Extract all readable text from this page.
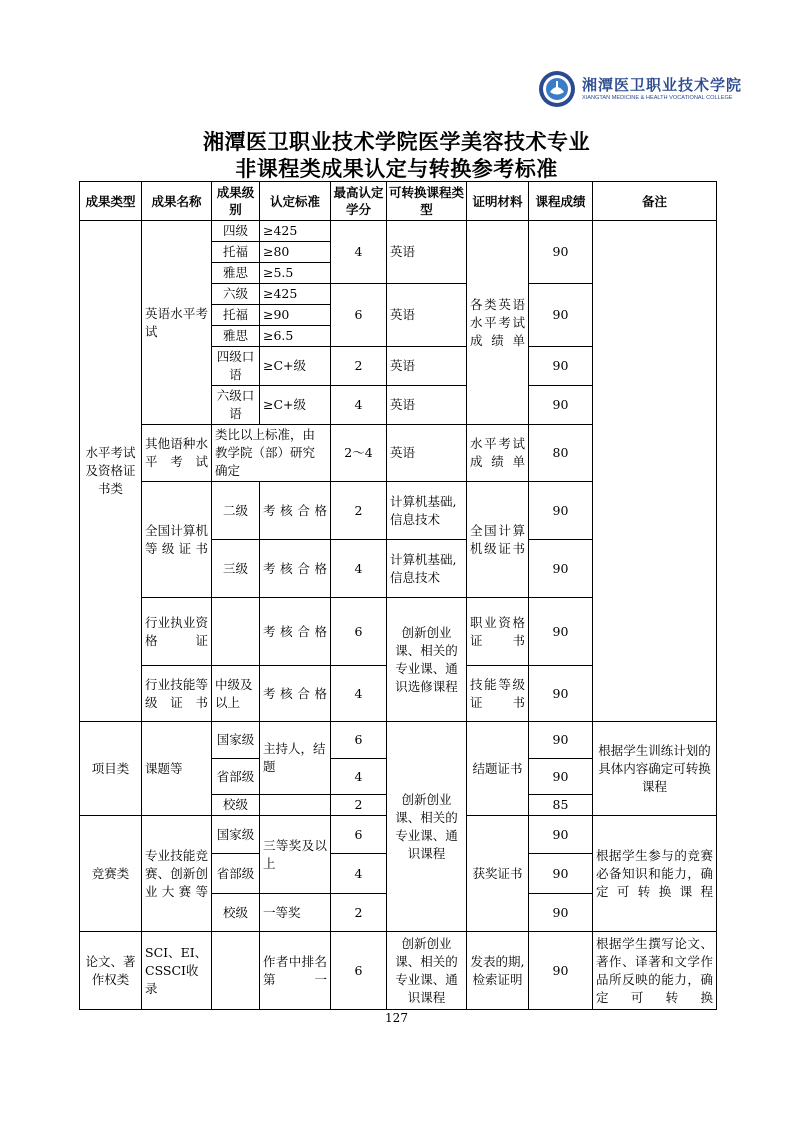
湘潭医卫职业技术学院
XIANGTAN MEDICINE & HEALTH VOCATIONAL COLLEGE
湘潭医卫职业技术学院医学美容技术专业
非课程类成果认定与转换参考标准
成果类型	成果名称	成果级别	认定标准	最高认定学分	可转换课程类型	证明材料	课程成绩	备注
水平考试及资格证书类	英语水平考试	四级	≥425	4	英语	各类英语水平考试成绩单	90	
		托福	≥80					
		雅思	≥5.5					
		六级	≥425	6	英语		90	
		托福	≥90					
		雅思	≥6.5					
		四级口语	≥C+级	2	英语		90	
		六级口语	≥C+级	4	英语		90	

	其他语种水平考试	类比以上标准，由教学院（部）研究确定		2～4	英语	水平考试成绩单	80	

	全国计算机等级证书	二级	考核合格	2	计算机基础,信息技术	全国计算机级证书	90	
		三级	考核合格	4	计算机基础,信息技术		90	

	行业执业资格证		考核合格	6	创新创业课、相关的专业课、通识选修课程	职业资格证书	90	

	行业技能等级证书	中级及以上	考核合格	4		技能等级证书	90	
项目类	课题等	国家级	主持人，结题	6	创新创业课、相关的专业课、通识课程	结题证书	90	根据学生训练计划的具体内容确定可转换课程
		省部级		4			90	
		校级		2			85	
竞赛类	专业技能竞赛、创新创业大赛等	国家级	三等奖及以上	6		获奖证书	90	根据学生参与的竞赛必备知识和能力，确定可转换课程

		省部级		4			90	
		校级	一等奖	2			90	
论文、著作权类	SCI、EI、CSSCI收录		作者中排名第一	6	创新创业课、相关的专业课、通识课程	发表的期,检索证明	90	根据学生撰写论文、著作、译著和文学作品所反映的能力，确定可转换
127
